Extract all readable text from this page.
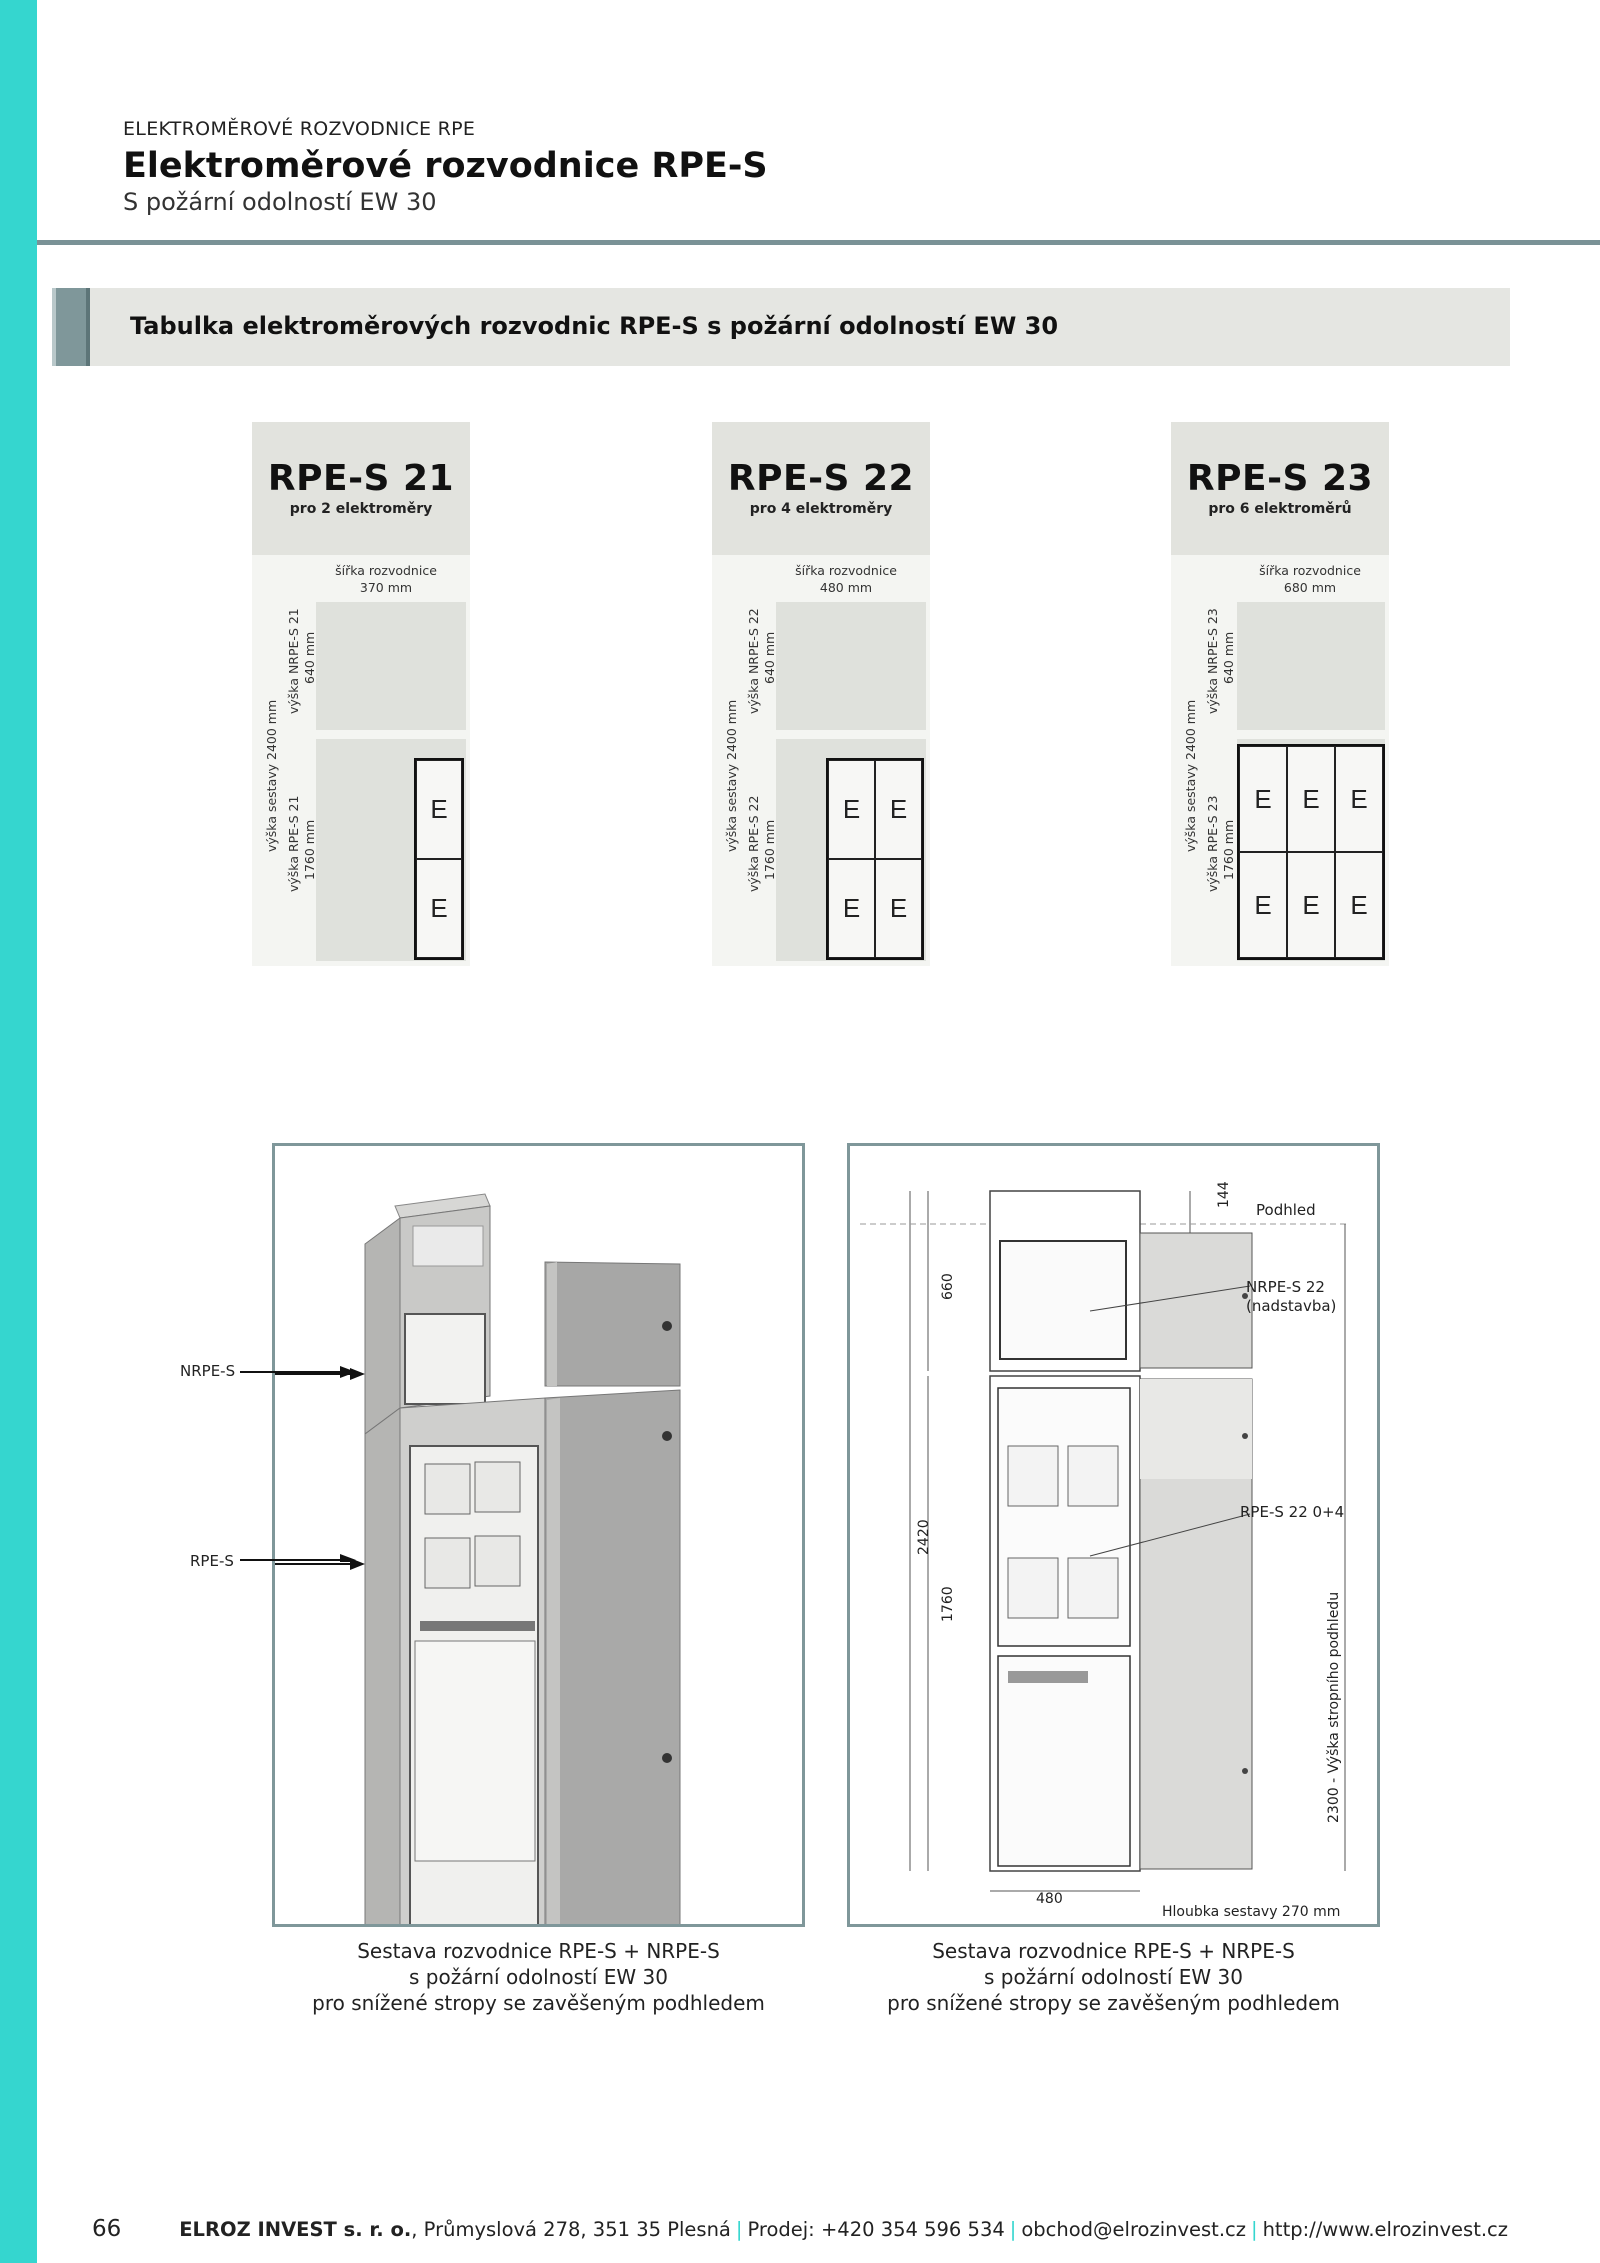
ELEKTROMĚROVÉ ROZVODNICE RPE
Elektroměrové rozvodnice RPE-S
S požární odolností EW 30
Tabulka elektroměrových rozvodnic RPE-S s požární odolností EW 30
RPE-S 21
pro 2 elektroměry
šířka rozvodnice
370 mm
výška sestavy 2400 mm
výška NRPE-S 21 640 mm
výška RPE-S 21 1760 mm
E
E
RPE-S 22
pro 4 elektroměry
šířka rozvodnice
480 mm
výška sestavy 2400 mm
výška NRPE-S 22 640 mm
výška RPE-S 22 1760 mm
E	E
E	E
RPE-S 23
pro 6 elektroměrů
šířka rozvodnice
680 mm
výška sestavy 2400 mm
výška NRPE-S 23 640 mm
výška RPE-S 23 1760 mm
E	E	E
E	E	E
NRPE-S
RPE-S
Sestava rozvodnice RPE-S + NRPE-S
s požární odolností EW 30
pro snížené stropy se zavěšeným podhledem
Podhled
NRPE-S 22
(nadstavba)
RPE-S 22 0+4
144
660
2420
1760	2300 - Výška stropního podhledu
480
Hloubka sestavy 270 mm
Sestava rozvodnice RPE-S + NRPE-S
s požární odolností EW 30
pro snížené stropy se zavěšeným podhledem
66	ELROZ INVEST s. r. o., Průmyslová 278, 351 35 Plesná | Prodej: +420 354 596 534 | obchod@elrozinvest.cz | http://www.elrozinvest.cz
